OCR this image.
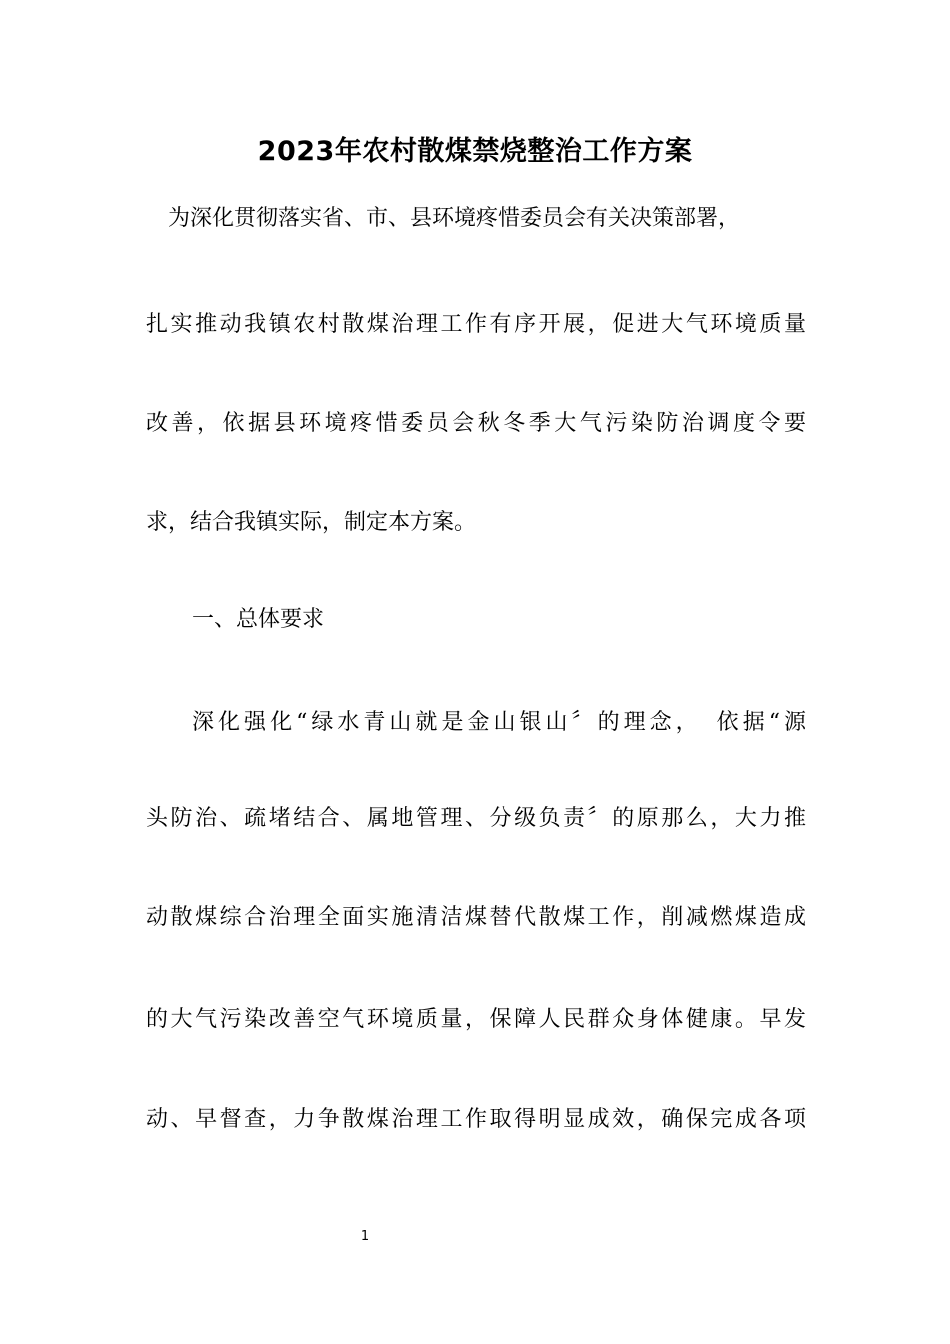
2023年农村散煤禁烧整治工作方案
为深化贯彻落实省、市、县环境疼惜委员会有关决策部署，
扎实推动我镇农村散煤治理工作有序开展，促进大气环境质量
改善，依据县环境疼惜委员会秋冬季大气污染防治调度令要
求，结合我镇实际，制定本方案。
一、总体要求
深化强化“绿水青山就是金山银山〞的理念，　依据“源
头防治、疏堵结合、属地管理、分级负责〞的原那么，大力推
动散煤综合治理全面实施清洁煤替代散煤工作，削减燃煤造成
的大气污染改善空气环境质量，保障人民群众身体健康。早发
动、早督查，力争散煤治理工作取得明显成效，确保完成各项
1
